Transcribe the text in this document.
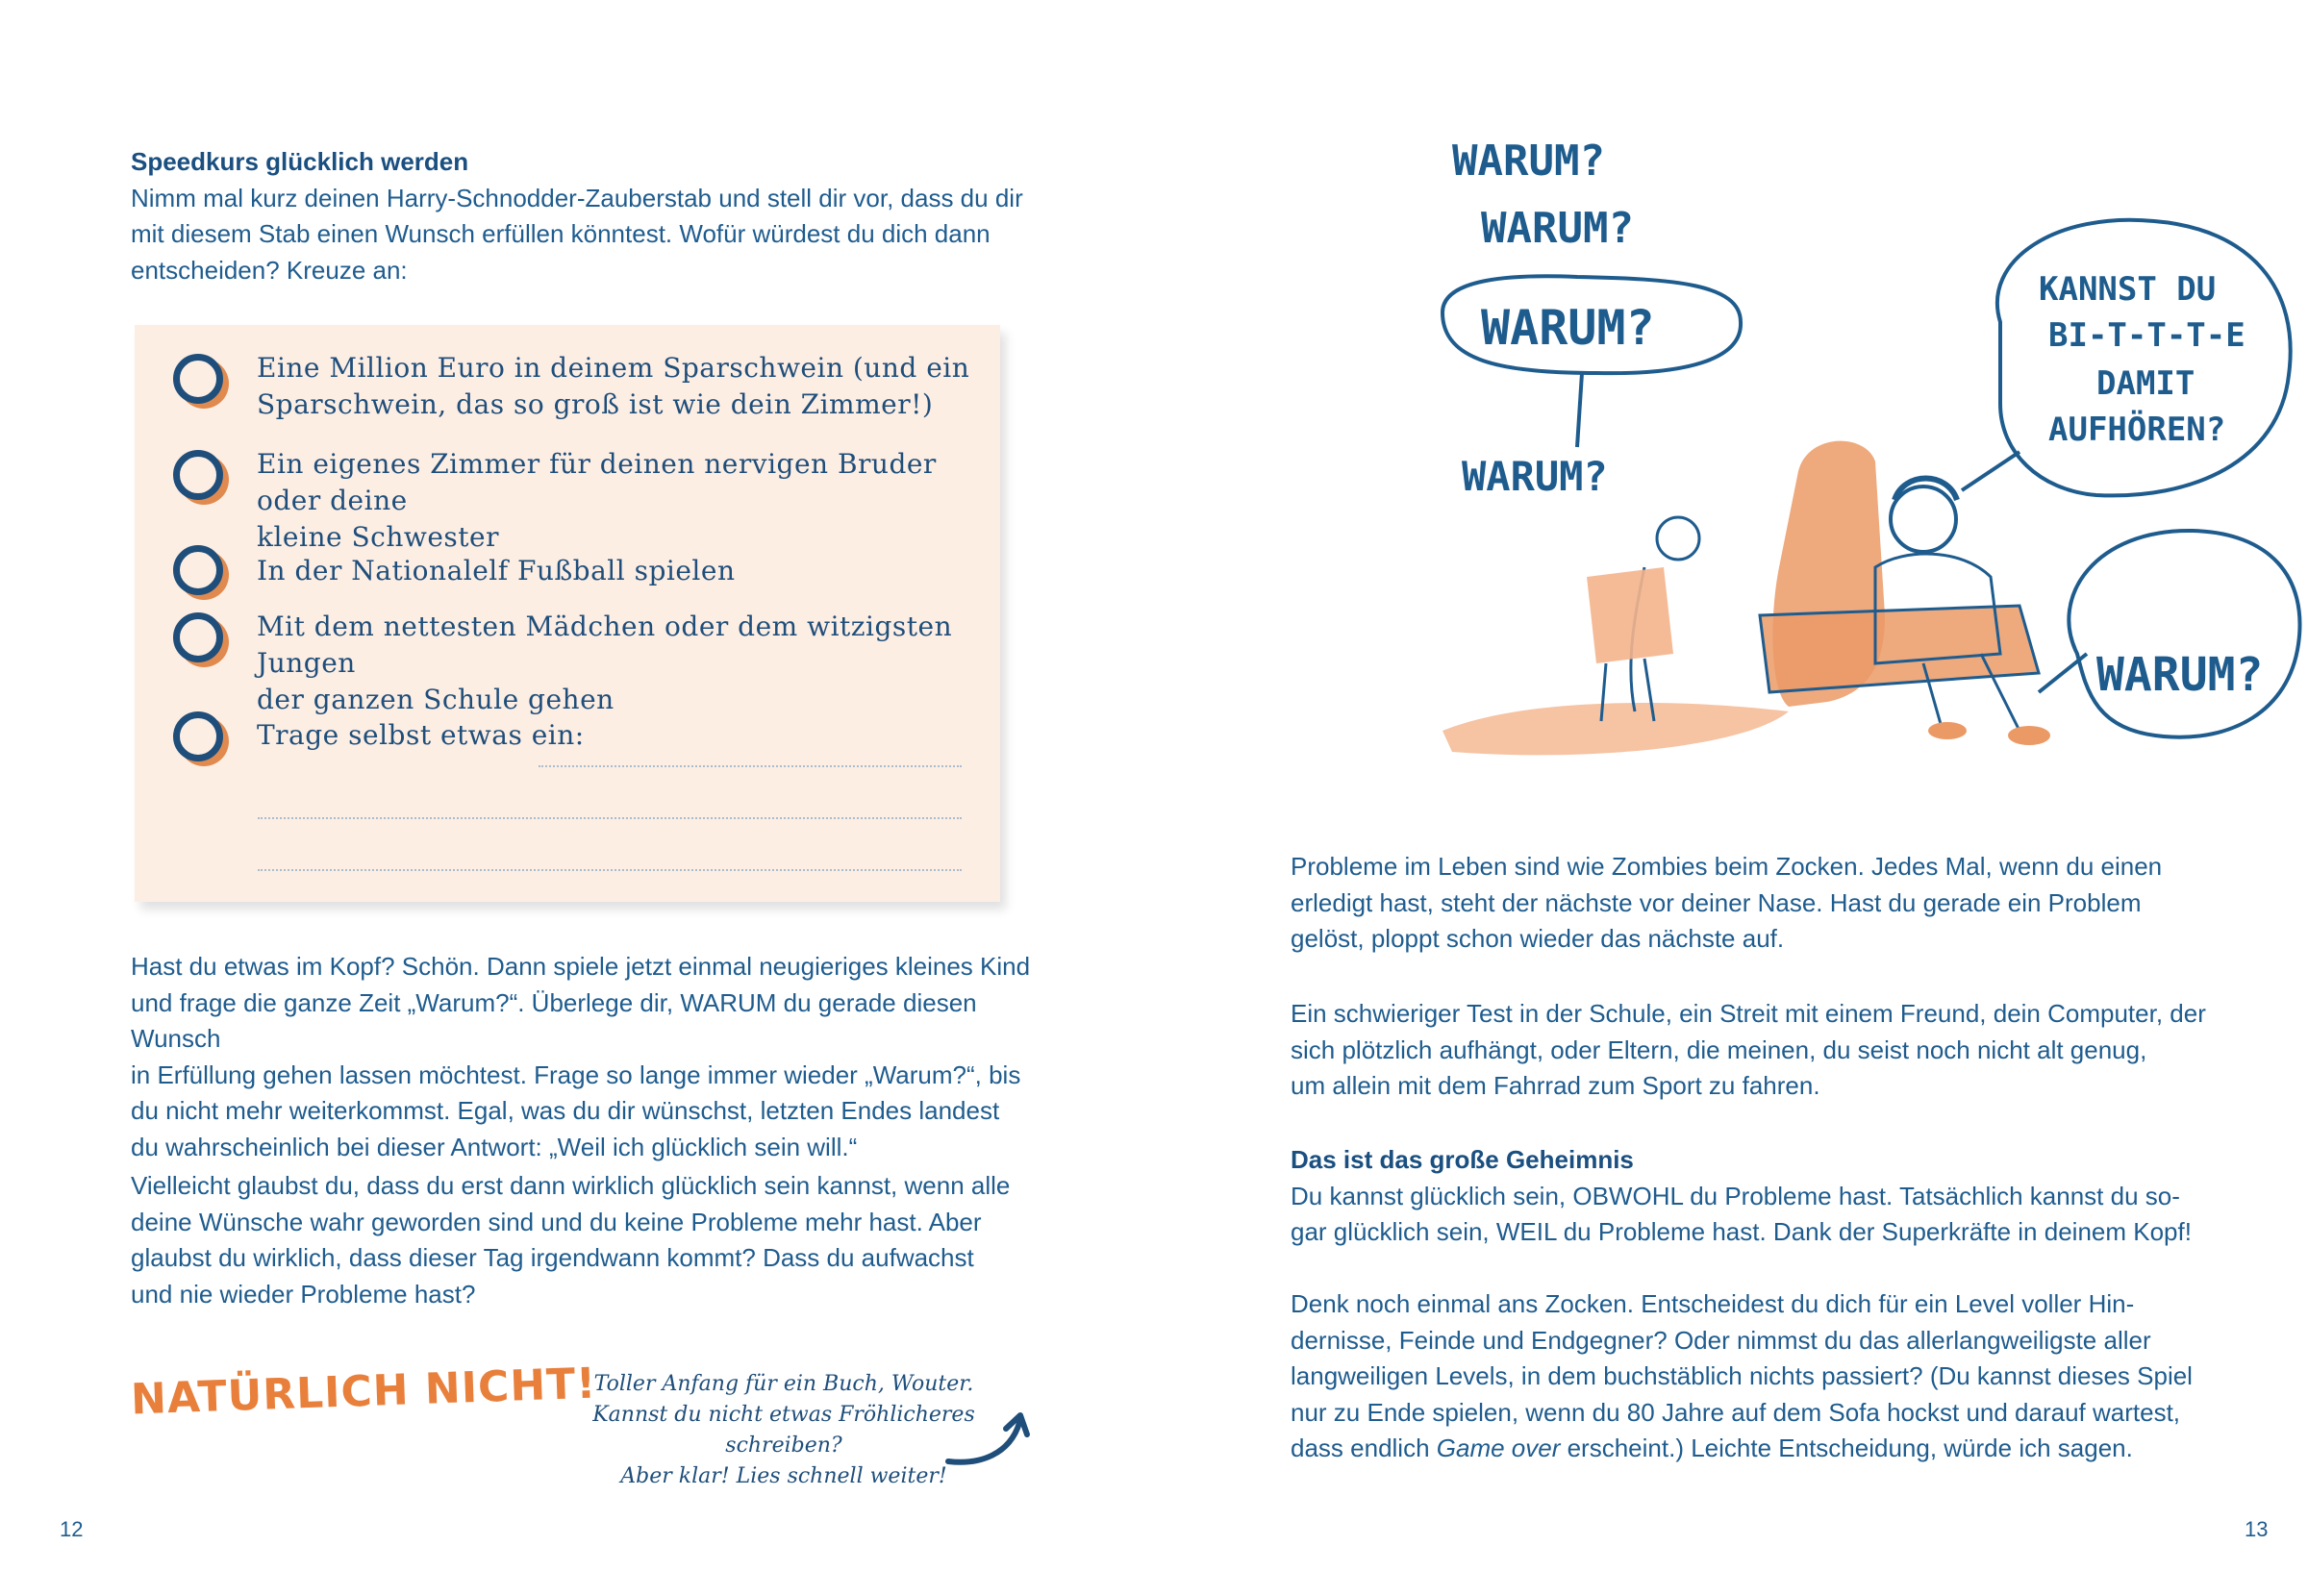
Speedkurs glücklich werden

Nimm mal kurz deinen Harry-Schnodder-Zauberstab und stell dir vor, dass du dir

mit diesem Stab einen Wunsch erfüllen könntest. Wofür würdest du dich dann

entscheiden? Kreuze an:

Eine Million Euro in deinem Sparschwein (und ein
Sparschwein, das so groß ist wie dein Zimmer!)
Ein eigenes Zimmer für deinen nervigen Bruder oder deine
kleine Schwester
In der Nationalelf Fußball spielen
Mit dem nettesten Mädchen oder dem witzigsten Jungen
der ganzen Schule gehen
Trage selbst etwas ein:

Hast du etwas im Kopf? Schön. Dann spiele jetzt einmal neugieriges kleines Kind

und frage die ganze Zeit „Warum?“. Überlege dir, WARUM du gerade diesen Wunsch

in Erfüllung gehen lassen möchtest. Frage so lange immer wieder „Warum?“, bis

du nicht mehr weiterkommst. Egal, was du dir wünschst, letzten Endes landest

du wahrscheinlich bei dieser Antwort: „Weil ich glücklich sein will.“

Vielleicht glaubst du, dass du erst dann wirklich glücklich sein kannst, wenn alle

deine Wünsche wahr geworden sind und du keine Probleme mehr hast. Aber

glaubst du wirklich, dass dieser Tag irgendwann kommt? Dass du aufwachst

und nie wieder Probleme hast?

NATÜRLICH NICHT!
Toller Anfang für ein Buch, Wouter.
Kannst du nicht etwas Fröhlicheres schreiben?
Aber klar! Lies schnell weiter!
12
WARUM?
WARUM?
WARUM?
WARUM?
KANNST DU
BI-T-T-T-E
DAMIT
AUFHÖREN?
WARUM?

Probleme im Leben sind wie Zombies beim Zocken. Jedes Mal, wenn du einen

erledigt hast, steht der nächste vor deiner Nase. Hast du gerade ein Problem

gelöst, ploppt schon wieder das nächste auf.

Ein schwieriger Test in der Schule, ein Streit mit einem Freund, dein Computer, der

sich plötzlich aufhängt, oder Eltern, die meinen, du seist noch nicht alt genug,

um allein mit dem Fahrrad zum Sport zu fahren.

Das ist das große Geheimnis

Du kannst glücklich sein, OBWOHL du Probleme hast. Tatsächlich kannst du so-

gar glücklich sein, WEIL du Probleme hast. Dank der Superkräfte in deinem Kopf!

Denk noch einmal ans Zocken. Entscheidest du dich für ein Level voller Hin-

dernisse, Feinde und Endgegner? Oder nimmst du das allerlangweiligste aller

langweiligen Levels, in dem buchstäblich nichts passiert? (Du kannst dieses Spiel

nur zu Ende spielen, wenn du 80 Jahre auf dem Sofa hockst und darauf wartest,

dass endlich Game over erscheint.) Leichte Entscheidung, würde ich sagen.

13
